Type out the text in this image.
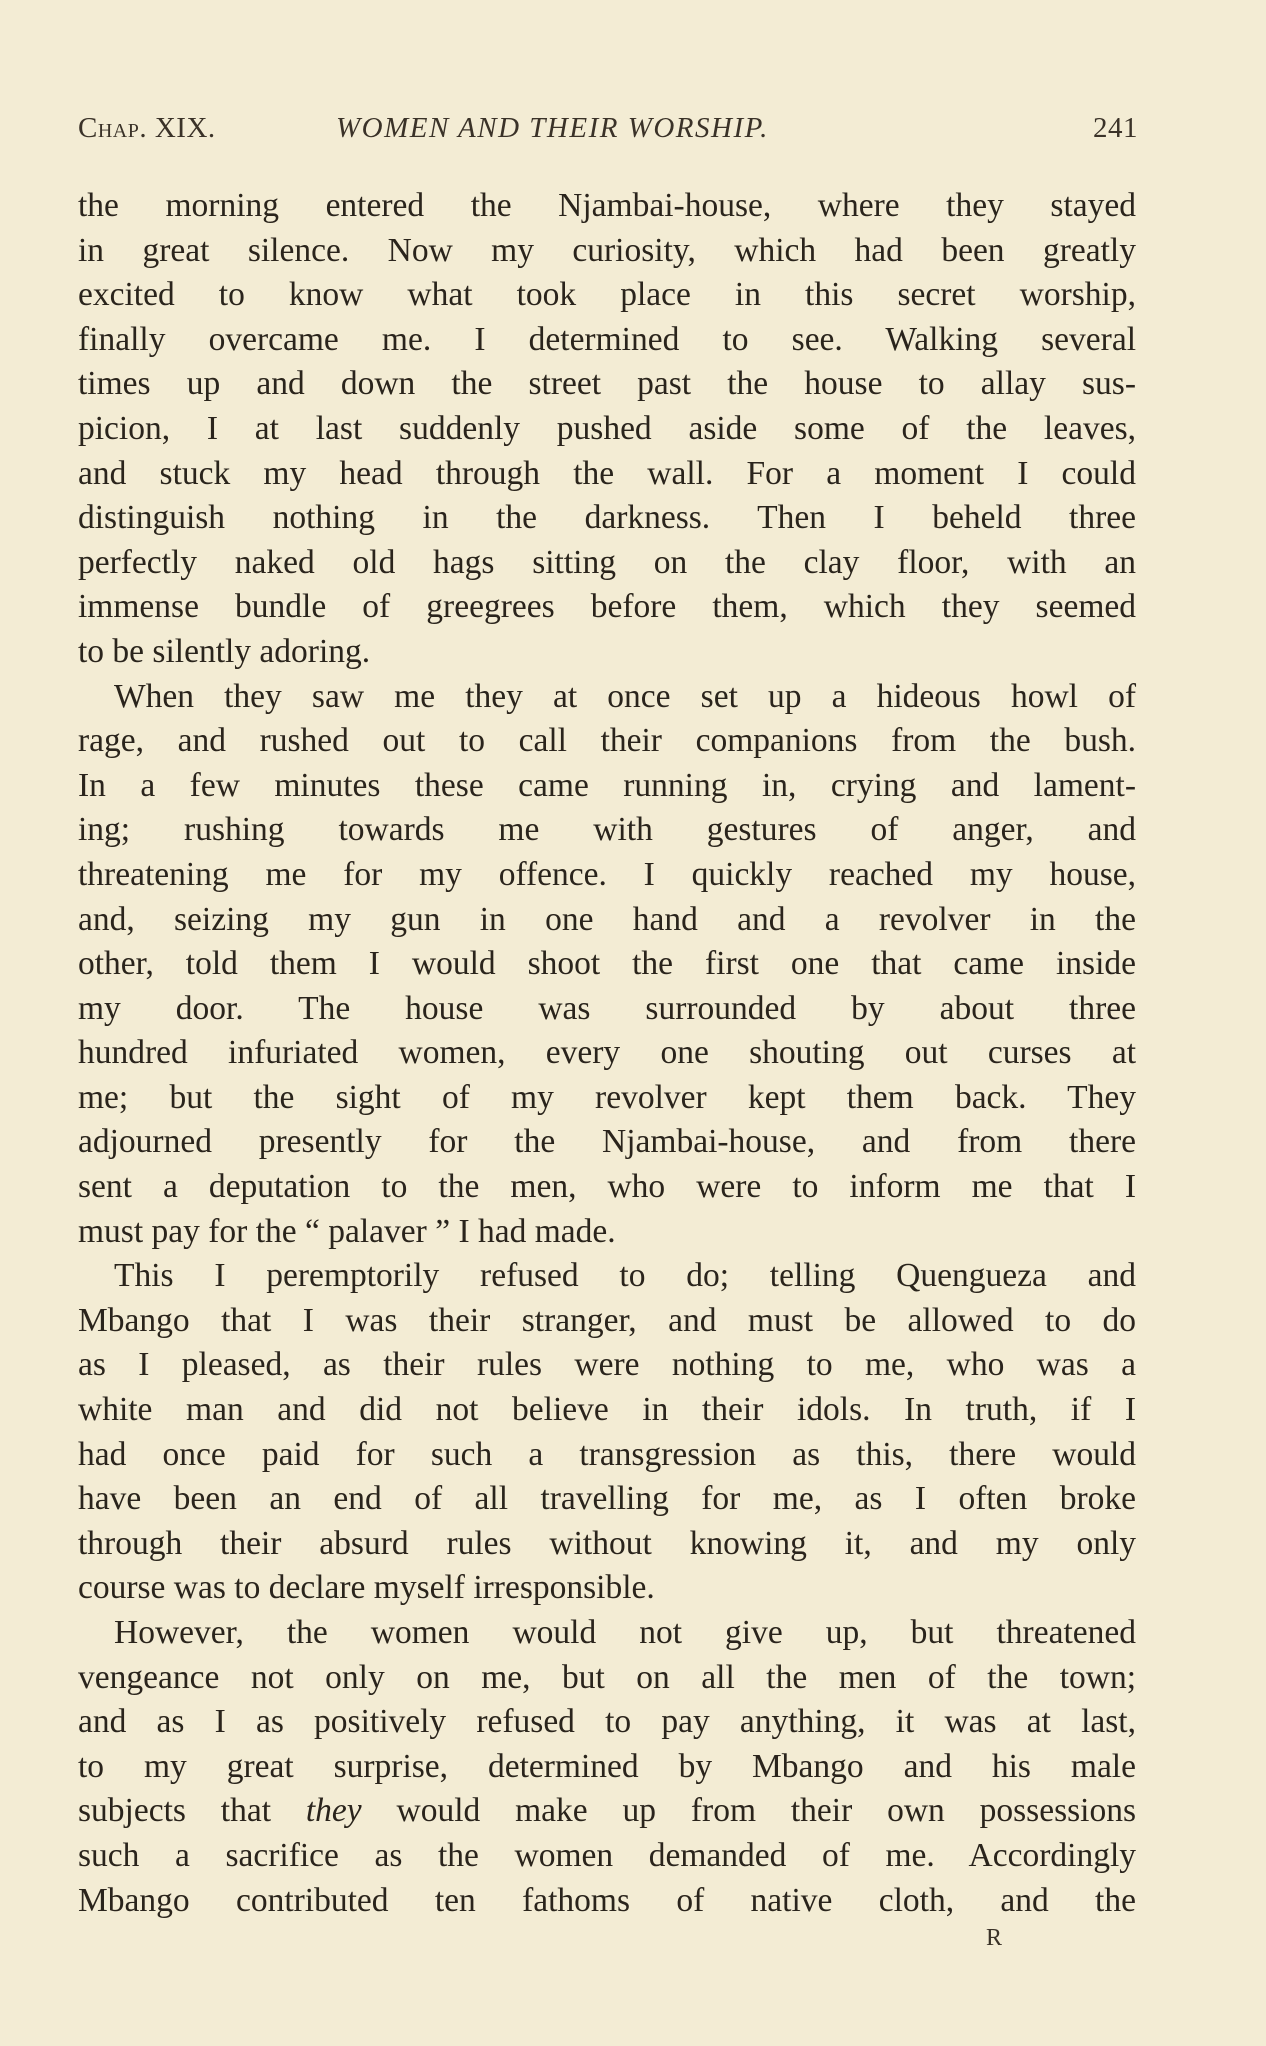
Chap. XIX.	WOMEN AND THEIR WORSHIP.	241
the morning entered the Njambai-house, where they stayed
in great silence. Now my curiosity, which had been greatly
excited to know what took place in this secret worship,
finally overcame me. I determined to see. Walking several
times up and down the street past the house to allay sus-
picion, I at last suddenly pushed aside some of the leaves,
and stuck my head through the wall. For a moment I could
distinguish nothing in the darkness. Then I beheld three
perfectly naked old hags sitting on the clay floor, with an
immense bundle of greegrees before them, which they seemed
to be silently adoring.
When they saw me they at once set up a hideous howl of
rage, and rushed out to call their companions from the bush.
In a few minutes these came running in, crying and lament-
ing; rushing towards me with gestures of anger, and
threatening me for my offence. I quickly reached my house,
and, seizing my gun in one hand and a revolver in the
other, told them I would shoot the first one that came inside
my door. The house was surrounded by about three
hundred infuriated women, every one shouting out curses at
me; but the sight of my revolver kept them back. They
adjourned presently for the Njambai-house, and from there
sent a deputation to the men, who were to inform me that I
must pay for the “ palaver ” I had made.
This I peremptorily refused to do; telling Quengueza and
Mbango that I was their stranger, and must be allowed to do
as I pleased, as their rules were nothing to me, who was a
white man and did not believe in their idols. In truth, if I
had once paid for such a transgression as this, there would
have been an end of all travelling for me, as I often broke
through their absurd rules without knowing it, and my only
course was to declare myself irresponsible.
However, the women would not give up, but threatened
vengeance not only on me, but on all the men of the town;
and as I as positively refused to pay anything, it was at last,
to my great surprise, determined by Mbango and his male
subjects that they would make up from their own possessions
such a sacrifice as the women demanded of me. Accordingly
Mbango contributed ten fathoms of native cloth, and the
R
